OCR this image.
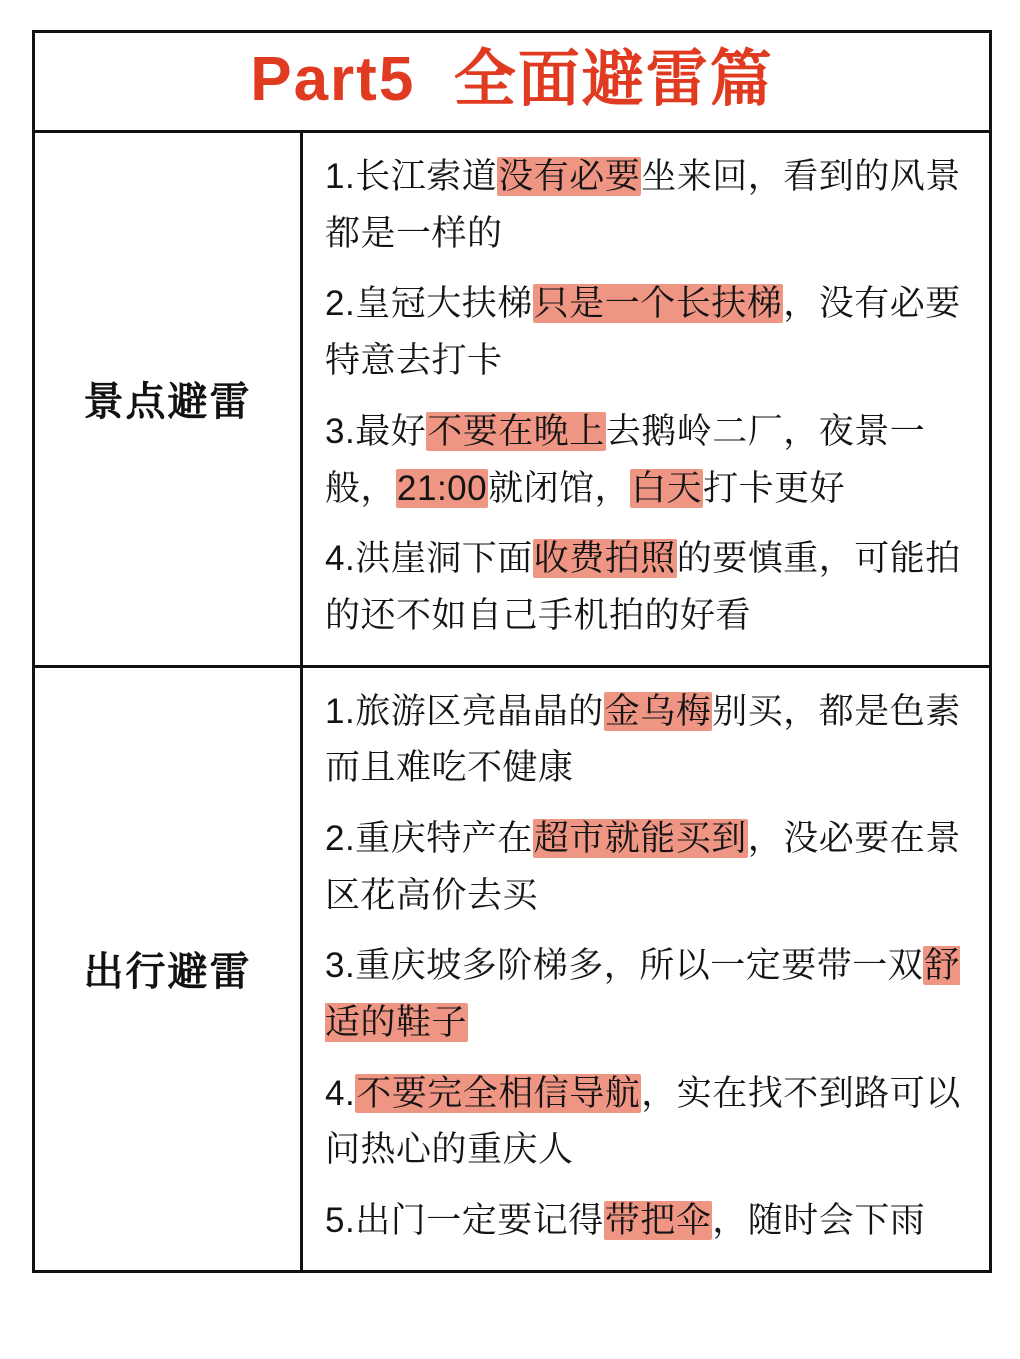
Part5  全面避雷篇
景点避雷

1.长江索道没有必要坐来回，看到的风景都是一样的

2.皇冠大扶梯只是一个长扶梯，没有必要特意去打卡

3.最好不要在晚上去鹅岭二厂，夜景一般，21:00就闭馆，白天打卡更好

4.洪崖洞下面收费拍照的要慎重，可能拍的还不如自己手机拍的好看

出行避雷

1.旅游区亮晶晶的金乌梅别买，都是色素而且难吃不健康

2.重庆特产在超市就能买到，没必要在景区花高价去买

3.重庆坡多阶梯多，所以一定要带一双舒适的鞋子

4.不要完全相信导航，实在找不到路可以问热心的重庆人

5.出门一定要记得带把伞，随时会下雨
